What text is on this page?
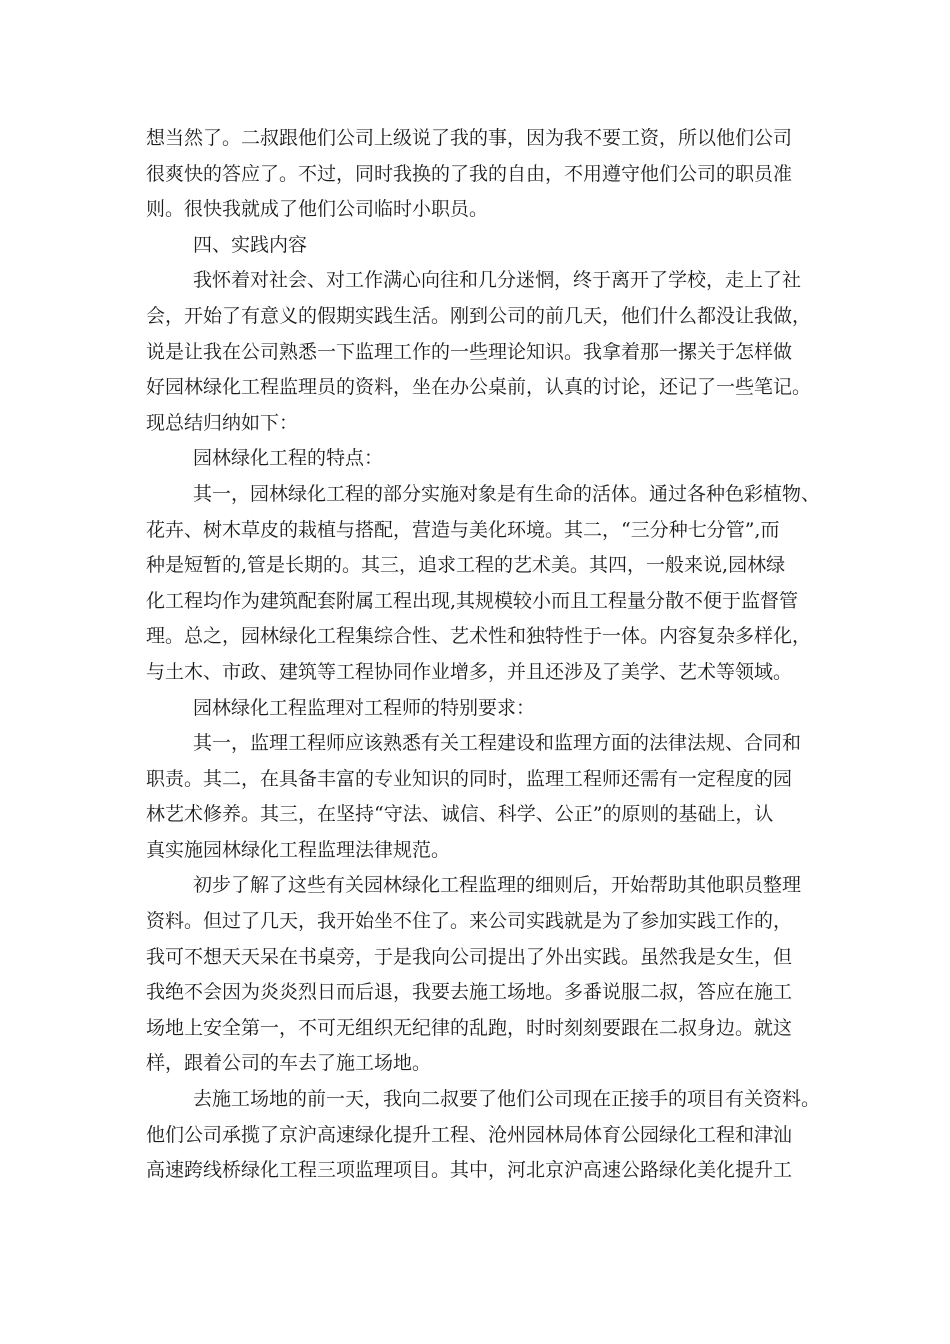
想当然了。二叔跟他们公司上级说了我的事，因为我不要工资，所以他们公司
很爽快的答应了。不过，同时我换的了我的自由，不用遵守他们公司的职员准
则。很快我就成了他们公司临时小职员。
四、实践内容
我怀着对社会、对工作满心向往和几分迷惘，终于离开了学校，走上了社
会，开始了有意义的假期实践生活。刚到公司的前几天，他们什么都没让我做，
说是让我在公司熟悉一下监理工作的一些理论知识。我拿着那一摞关于怎样做
好园林绿化工程监理员的资料，坐在办公桌前，认真的讨论，还记了一些笔记。
现总结归纳如下：
园林绿化工程的特点：
其一，园林绿化工程的部分实施对象是有生命的活体。通过各种色彩植物、
花卉、树木草皮的栽植与搭配，营造与美化环境。其二，“三分种七分管”,而
种是短暂的,管是长期的。其三，追求工程的艺术美。其四，一般来说,园林绿
化工程均作为建筑配套附属工程出现,其规模较小而且工程量分散不便于监督管
理。总之，园林绿化工程集综合性、艺术性和独特性于一体。内容复杂多样化，
与土木、市政、建筑等工程协同作业增多，并且还涉及了美学、艺术等领域。
园林绿化工程监理对工程师的特别要求：
其一，监理工程师应该熟悉有关工程建设和监理方面的法律法规、合同和
职责。其二，在具备丰富的专业知识的同时，监理工程师还需有一定程度的园
林艺术修养。其三，在坚持“守法、诚信、科学、公正”的原则的基础上，认
真实施园林绿化工程监理法律规范。
初步了解了这些有关园林绿化工程监理的细则后，开始帮助其他职员整理
资料。但过了几天，我开始坐不住了。来公司实践就是为了参加实践工作的，
我可不想天天呆在书桌旁，于是我向公司提出了外出实践。虽然我是女生，但
我绝不会因为炎炎烈日而后退，我要去施工场地。多番说服二叔，答应在施工
场地上安全第一，不可无组织无纪律的乱跑，时时刻刻要跟在二叔身边。就这
样，跟着公司的车去了施工场地。
去施工场地的前一天，我向二叔要了他们公司现在正接手的项目有关资料。
他们公司承揽了京沪高速绿化提升工程、沧州园林局体育公园绿化工程和津汕
高速跨线桥绿化工程三项监理项目。其中，河北京沪高速公路绿化美化提升工
